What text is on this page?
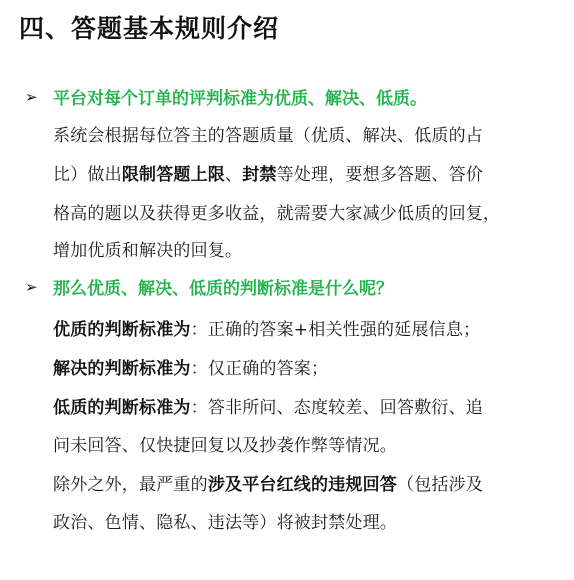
四、答题基本规则介绍
➢ 平台对每个订单的评判标准为优质、解决、低质。
系统会根据每位答主的答题质量（优质、解决、低质的占
比）做出限制答题上限、封禁等处理，要想多答题、答价
格高的题以及获得更多收益，就需要大家减少低质的回复，
增加优质和解决的回复。
➢ 那么优质、解决、低质的判断标准是什么呢？
优质的判断标准为：正确的答案+相关性强的延展信息；
解决的判断标准为：仅正确的答案；
低质的判断标准为：答非所问、态度较差、回答敷衍、追
问未回答、仅快捷回复以及抄袭作弊等情况。
除外之外，最严重的涉及平台红线的违规回答（包括涉及
政治、色情、隐私、违法等）将被封禁处理。
